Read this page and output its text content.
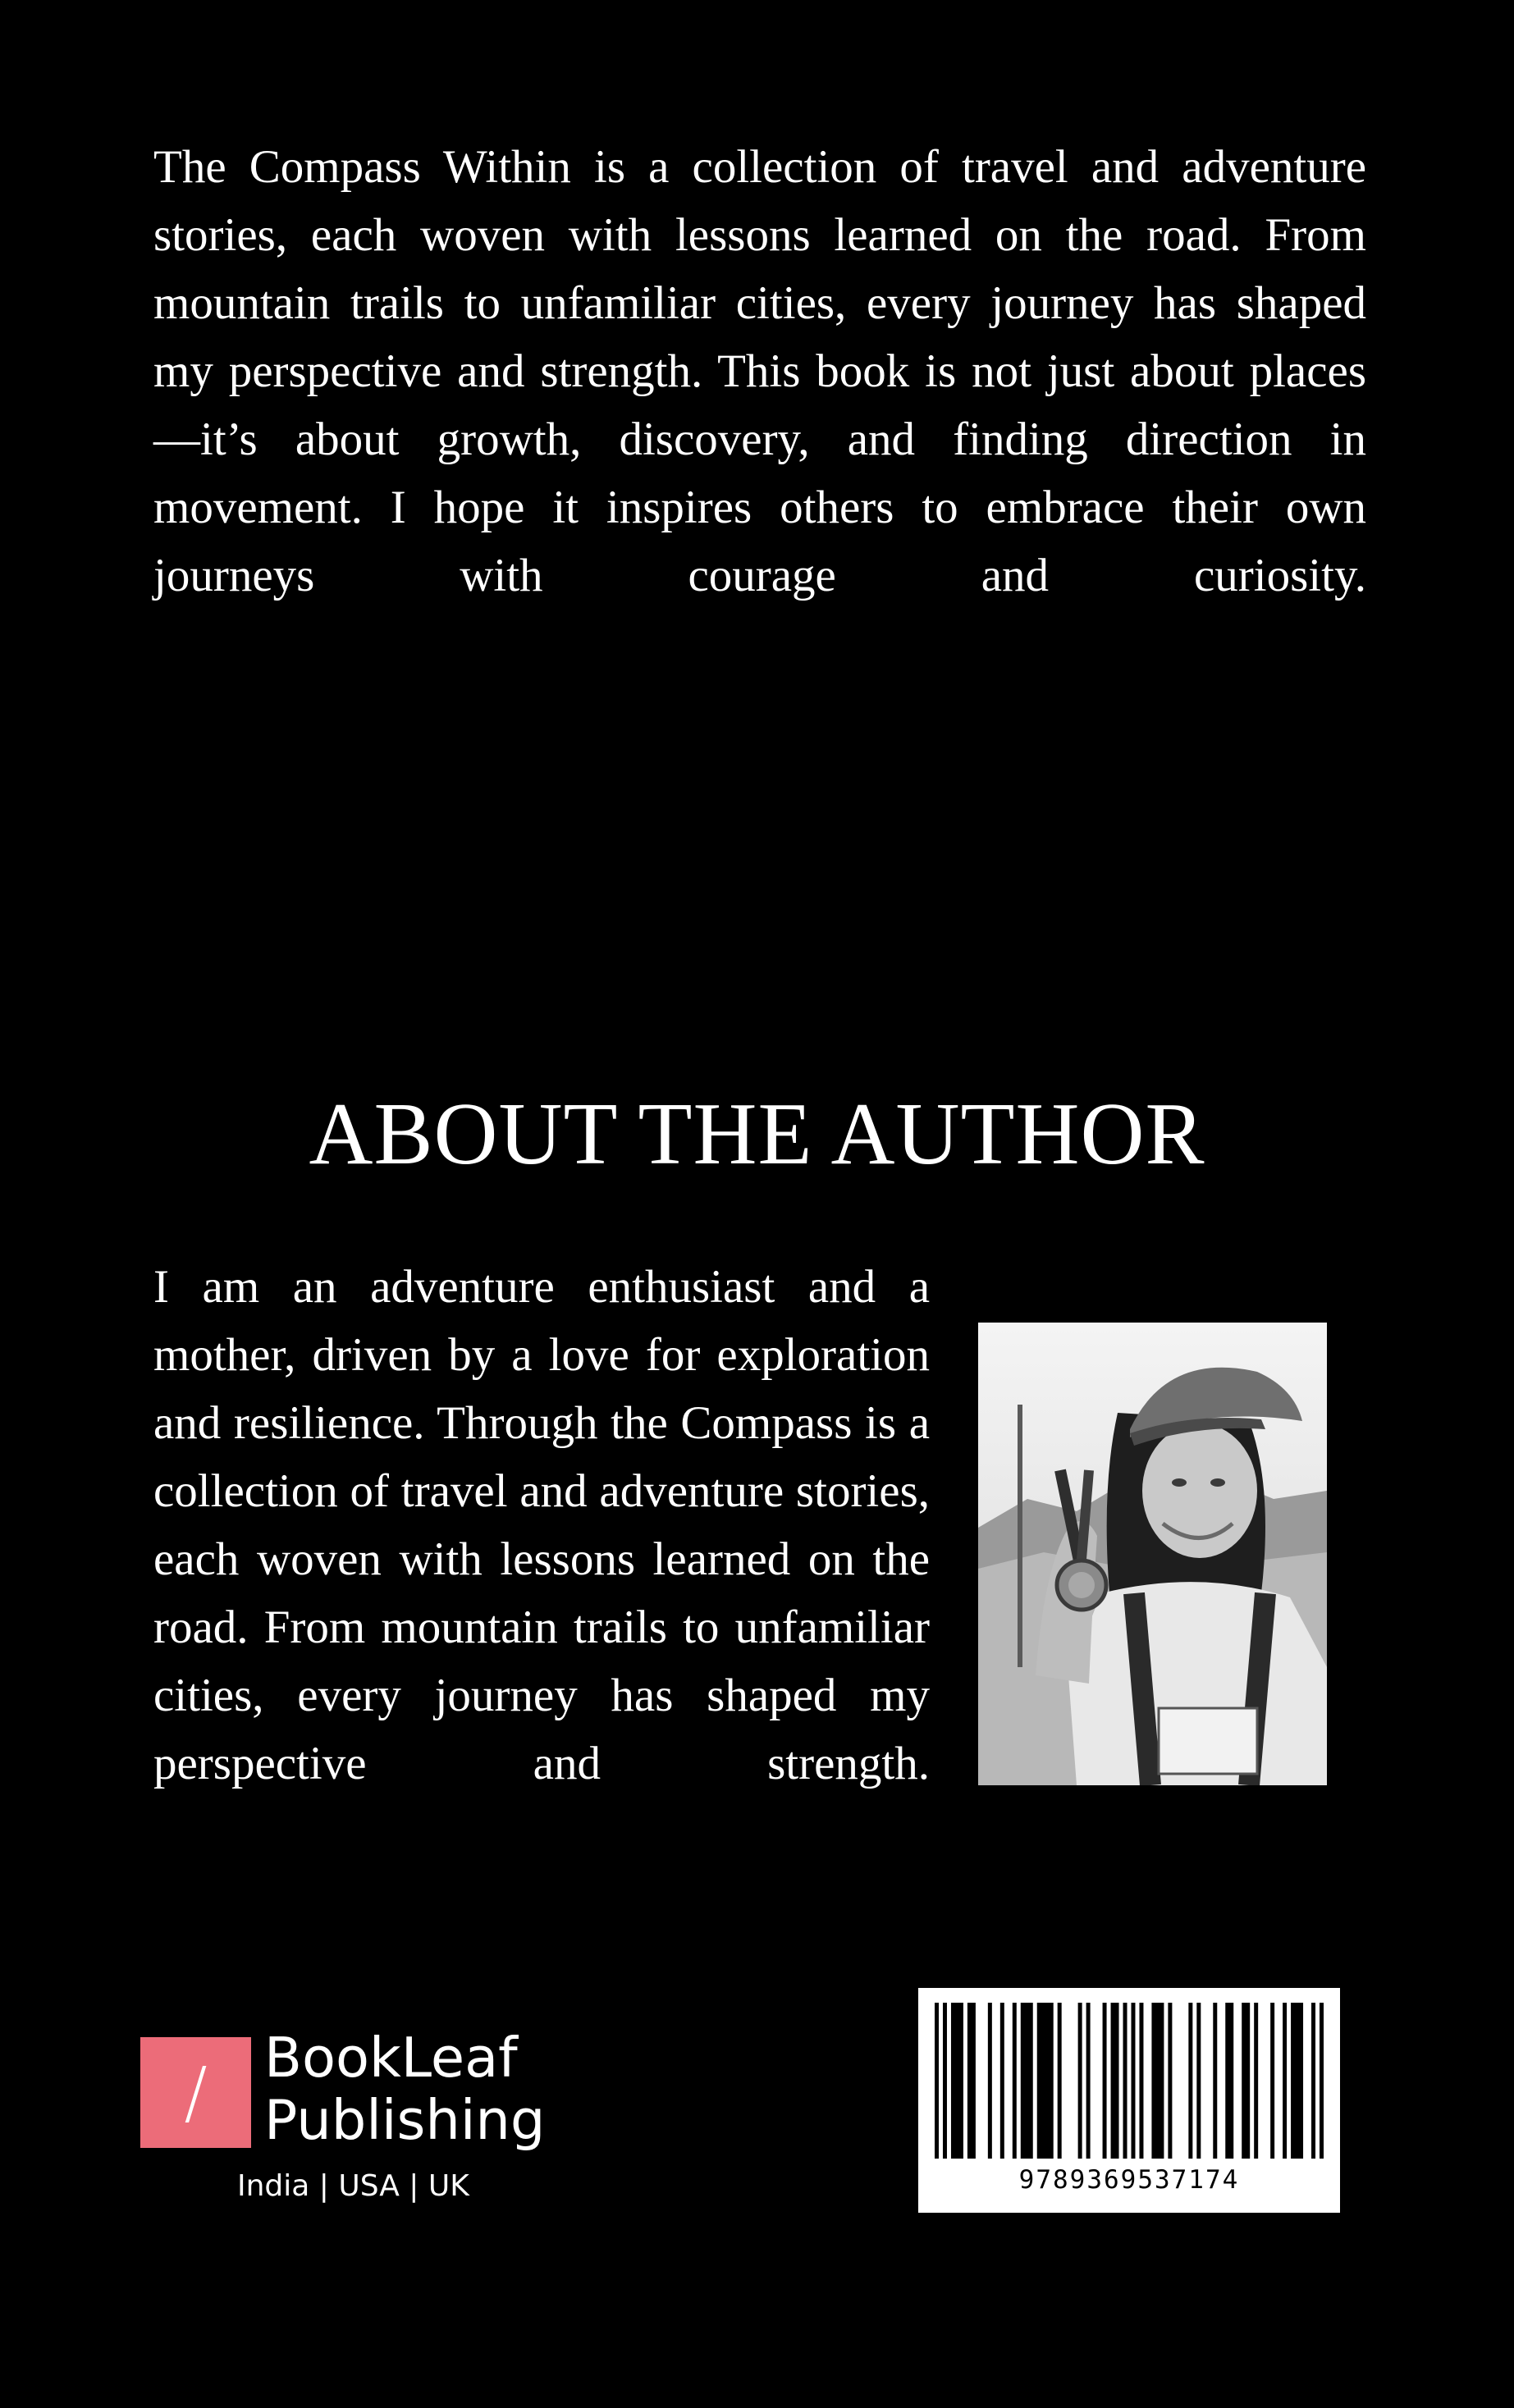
The Compass Within is a collection of travel and adventure stories, each woven with lessons learned on the road. From mountain trails to unfamiliar cities, every journey has shaped my perspective and strength. This book is not just about places—it’s about growth, discovery, and finding direction in movement. I hope it inspires others to embrace their own journeys with courage and curiosity.

ABOUT THE AUTHOR

I am an adventure enthusiast and a mother, driven by a love for exploration and resilience. Through the Compass is a collection of travel and adventure stories, each woven with lessons learned on the road. From mountain trails to unfamiliar cities, every journey has shaped my perspective and strength.

/	BookLeaf
Publishing
India | USA | UK	9789369537174
